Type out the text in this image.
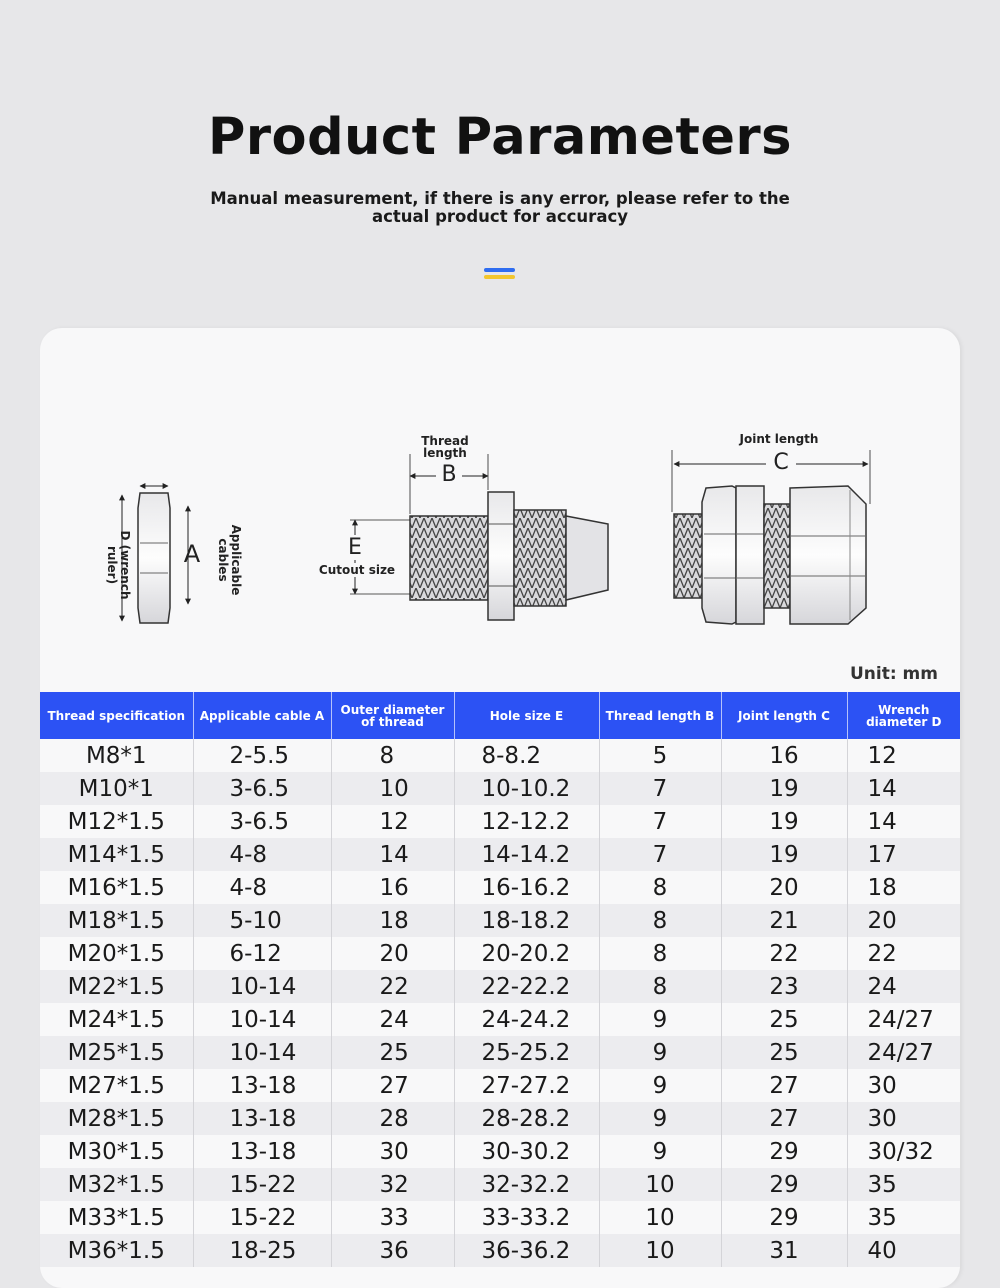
Product Parameters
Manual measurement, if there is any error, please refer to the actual product for accuracy
D (wrench ruler)	A	Applicable cables
Thread length
B
E
Cutout size
Joint length
C
Unit: mm
Thread specification	Applicable cable A	Outer diameter of thread	Hole size E	Thread length B	Joint length C	Wrench diameter D
M8*1	2-5.5	8	8-8.2	5	16	12
M10*1	3-6.5	10	10-10.2	7	19	14
M12*1.5	3-6.5	12	12-12.2	7	19	14
M14*1.5	4-8	14	14-14.2	7	19	17
M16*1.5	4-8	16	16-16.2	8	20	18
M18*1.5	5-10	18	18-18.2	8	21	20
M20*1.5	6-12	20	20-20.2	8	22	22
M22*1.5	10-14	22	22-22.2	8	23	24
M24*1.5	10-14	24	24-24.2	9	25	24/27
M25*1.5	10-14	25	25-25.2	9	25	24/27
M27*1.5	13-18	27	27-27.2	9	27	30
M28*1.5	13-18	28	28-28.2	9	27	30
M30*1.5	13-18	30	30-30.2	9	29	30/32
M32*1.5	15-22	32	32-32.2	10	29	35
M33*1.5	15-22	33	33-33.2	10	29	35
M36*1.5	18-25	36	36-36.2	10	31	40
